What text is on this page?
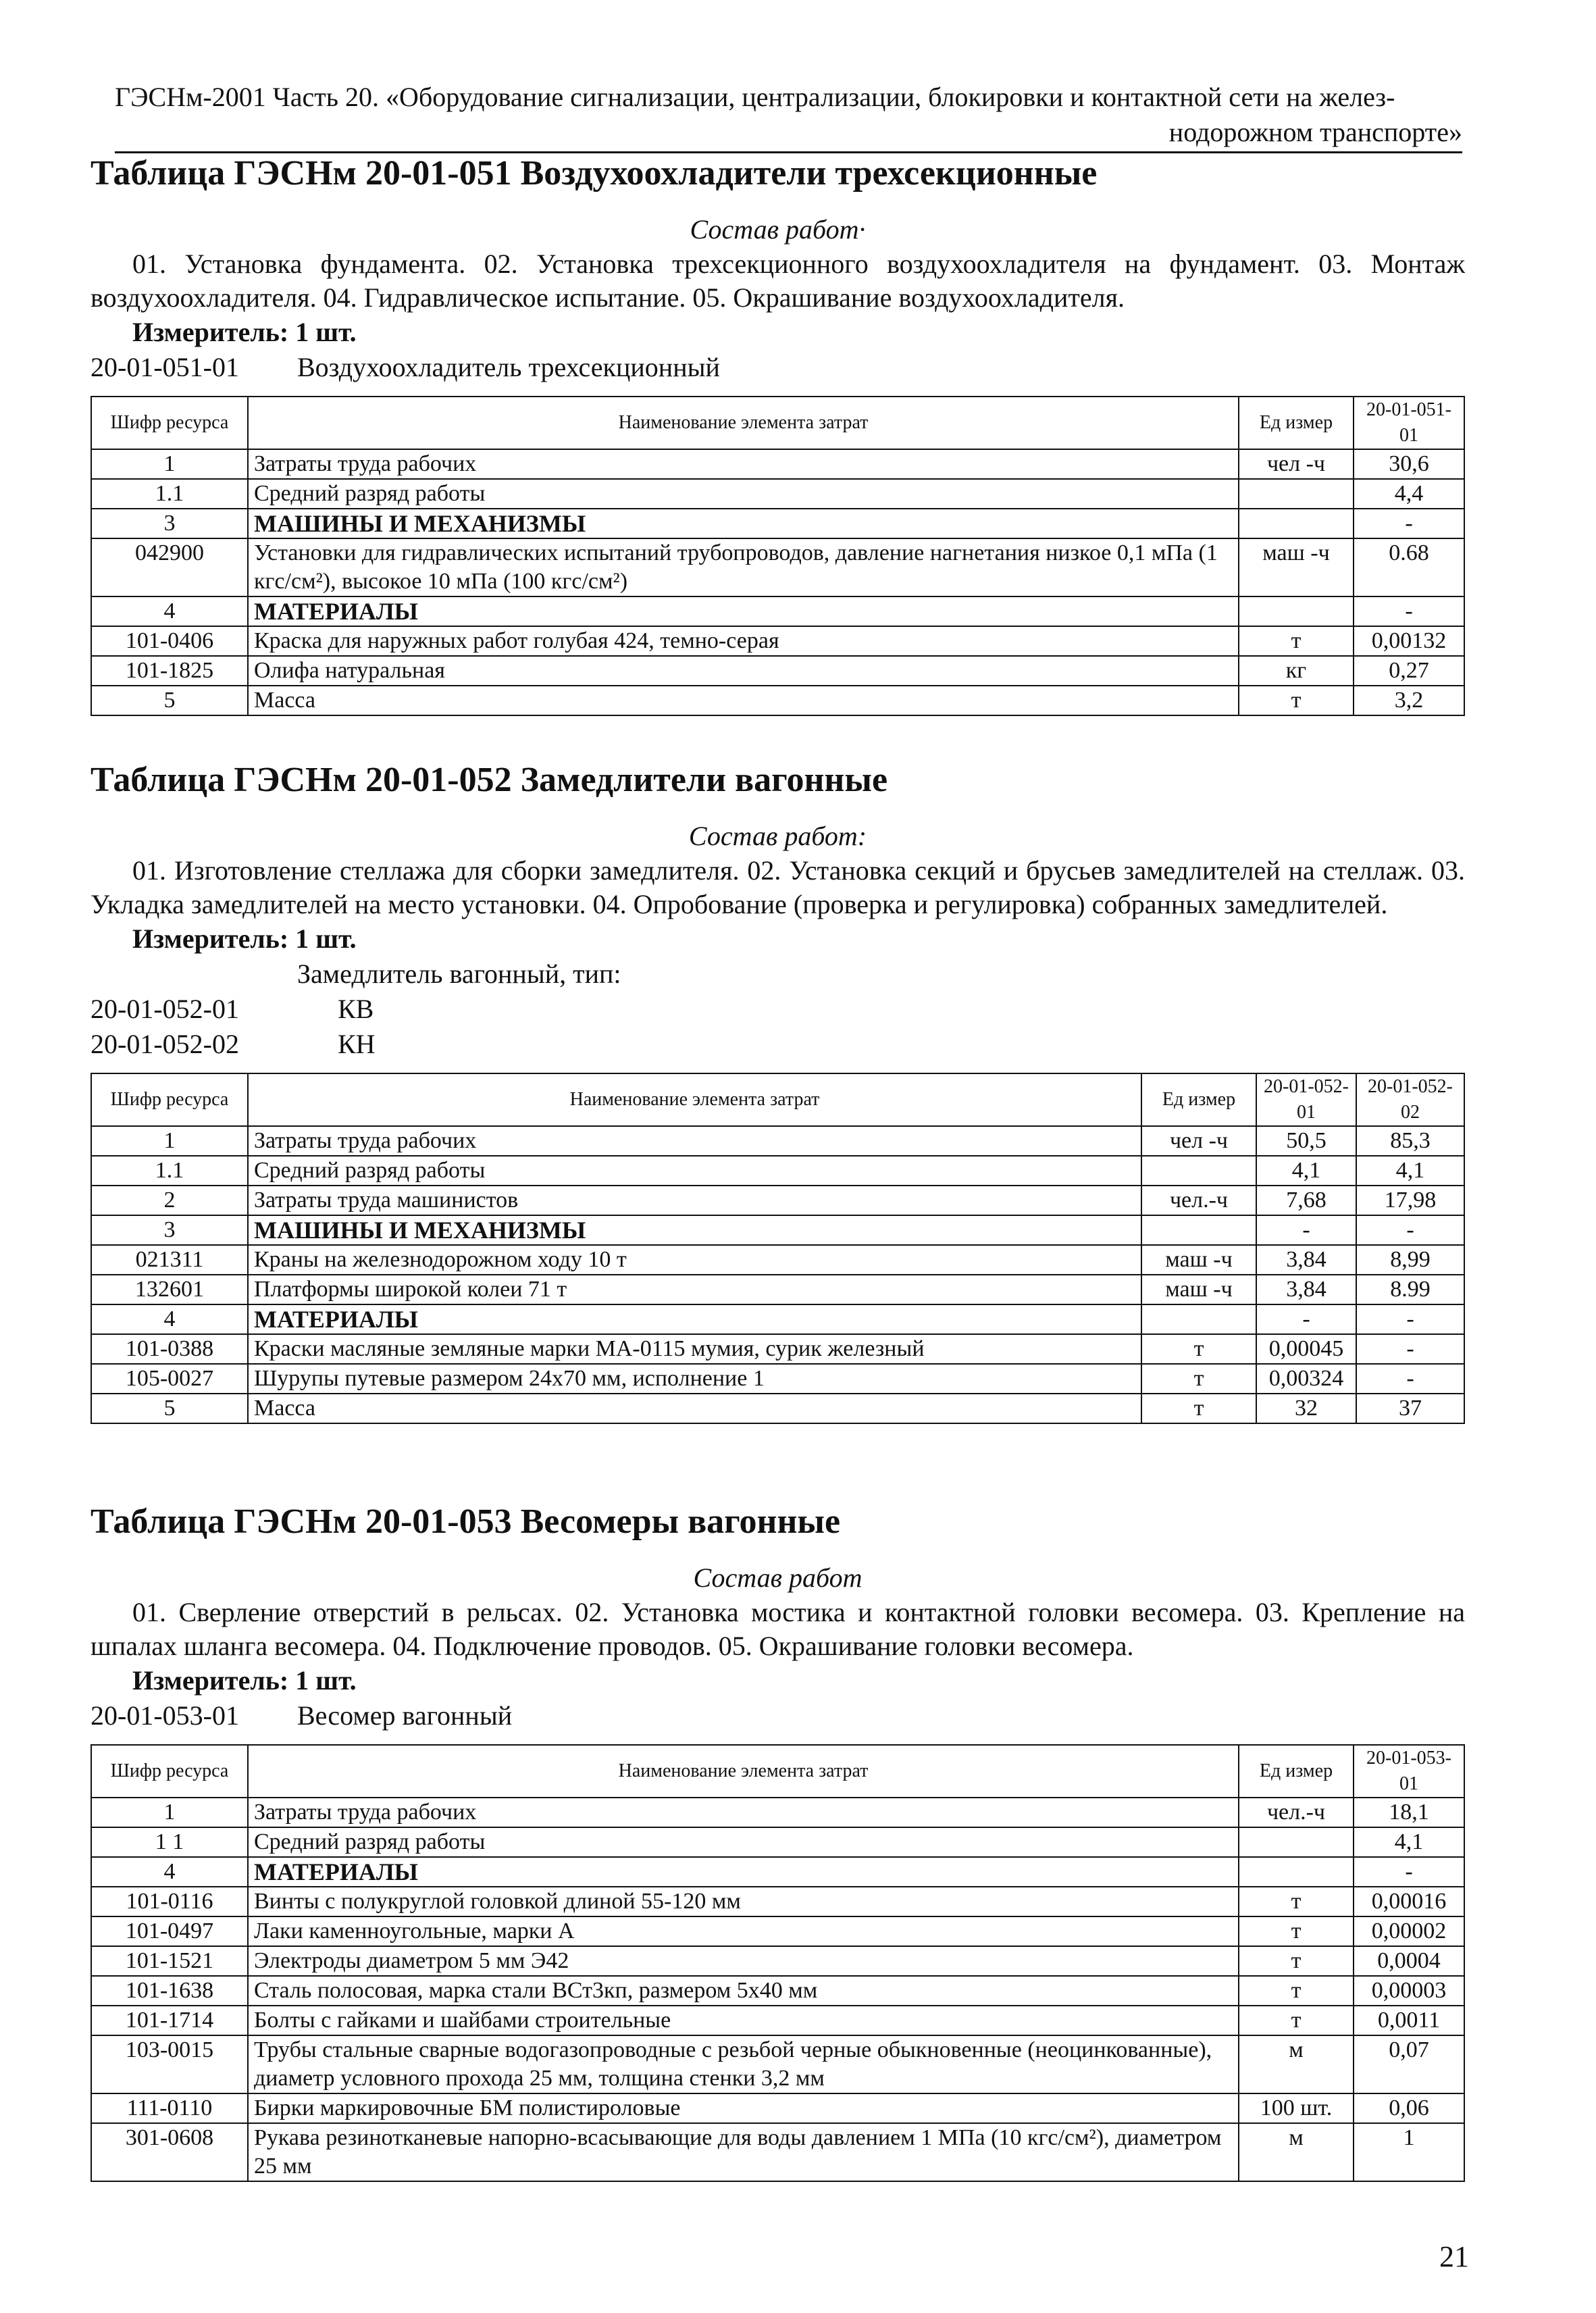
ГЭСНм-2001 Часть 20. «Оборудование сигнализации, централизации, блокировки и контактной сети на желез-
нодорожном транспорте»
Таблица ГЭСНм 20-01-051 Воздухоохладители трехсекционные
Состав работ·

01. Установка фундамента. 02. Установка трехсекционного воздухоохладителя на фундамент. 03. Монтаж воздухоохладителя. 04. Гидравлическое испытание. 05. Окрашивание воздухоохладителя.

Измеритель: 1 шт.
20-01-051-01	Воздухоохладитель трехсекционный
Шифр ресурса	Наименование элемента затрат	Ед измер	20-01-051-01
1	Затраты труда рабочих	чел -ч	30,6
1.1	Средний разряд работы		4,4
3	МАШИНЫ И МЕХАНИЗМЫ		-
042900	Установки для гидравлических испытаний трубопроводов, давление нагнетания низкое 0,1 мПа (1 кгс/см²), высокое 10 мПа (100 кгс/см²)	маш -ч	0.68
4	МАТЕРИАЛЫ		-
101-0406	Краска для наружных работ голубая 424, темно-серая	т	0,00132
101-1825	Олифа натуральная	кг	0,27
5	Масса	т	3,2
Таблица ГЭСНм 20-01-052 Замедлители вагонные
Состав работ:

01. Изготовление стеллажа для сборки замедлителя. 02. Установка секций и брусьев замедлителей на стеллаж. 03. Укладка замедлителей на место установки. 04. Опробование (проверка и регулировка) собранных замедлителей.

Измеритель: 1 шт.
Замедлитель вагонный, тип:
20-01-052-01	КВ
20-01-052-02	КН
Шифр ресурса	Наименование элемента затрат	Ед измер	20-01-052-01	20-01-052-02
1	Затраты труда рабочих	чел -ч	50,5	85,3
1.1	Средний разряд работы		4,1	4,1
2	Затраты труда машинистов	чел.-ч	7,68	17,98
3	МАШИНЫ И МЕХАНИЗМЫ		-	-
021311	Краны на железнодорожном ходу 10 т	маш -ч	3,84	8,99
132601	Платформы широкой колеи 71 т	маш -ч	3,84	8.99
4	МАТЕРИАЛЫ		-	-
101-0388	Краски масляные земляные марки МА-0115 мумия, сурик железный	т	0,00045	-
105-0027	Шурупы путевые размером 24х70 мм, исполнение 1	т	0,00324	-
5	Масса	т	32	37
Таблица ГЭСНм 20-01-053 Весомеры вагонные
Состав работ

01. Сверление отверстий в рельсах. 02. Установка мостика и контактной головки весомера. 03. Крепление на шпалах шланга весомера. 04. Подключение проводов. 05. Окрашивание головки весомера.

Измеритель: 1 шт.
20-01-053-01	Весомер вагонный
Шифр ресурса	Наименование элемента затрат	Ед измер	20-01-053-01
1	Затраты труда рабочих	чел.-ч	18,1
1 1	Средний разряд работы		4,1
4	МАТЕРИАЛЫ		-
101-0116	Винты с полукруглой головкой длиной 55-120 мм	т	0,00016
101-0497	Лаки каменноугольные, марки А	т	0,00002
101-1521	Электроды диаметром 5 мм Э42	т	0,0004
101-1638	Сталь полосовая, марка стали ВСт3кп, размером 5х40 мм	т	0,00003
101-1714	Болты с гайками и шайбами строительные	т	0,0011
103-0015	Трубы стальные сварные водогазопроводные с резьбой черные обыкновенные (неоцинкованные), диаметр условного прохода 25 мм, толщина стенки 3,2 мм	м	0,07
111-0110	Бирки маркировочные БМ полистироловые	100 шт.	0,06
301-0608	Рукава резинотканевые напорно-всасывающие для воды давлением 1 МПа (10 кгс/см²), диаметром 25 мм	м	1
21
